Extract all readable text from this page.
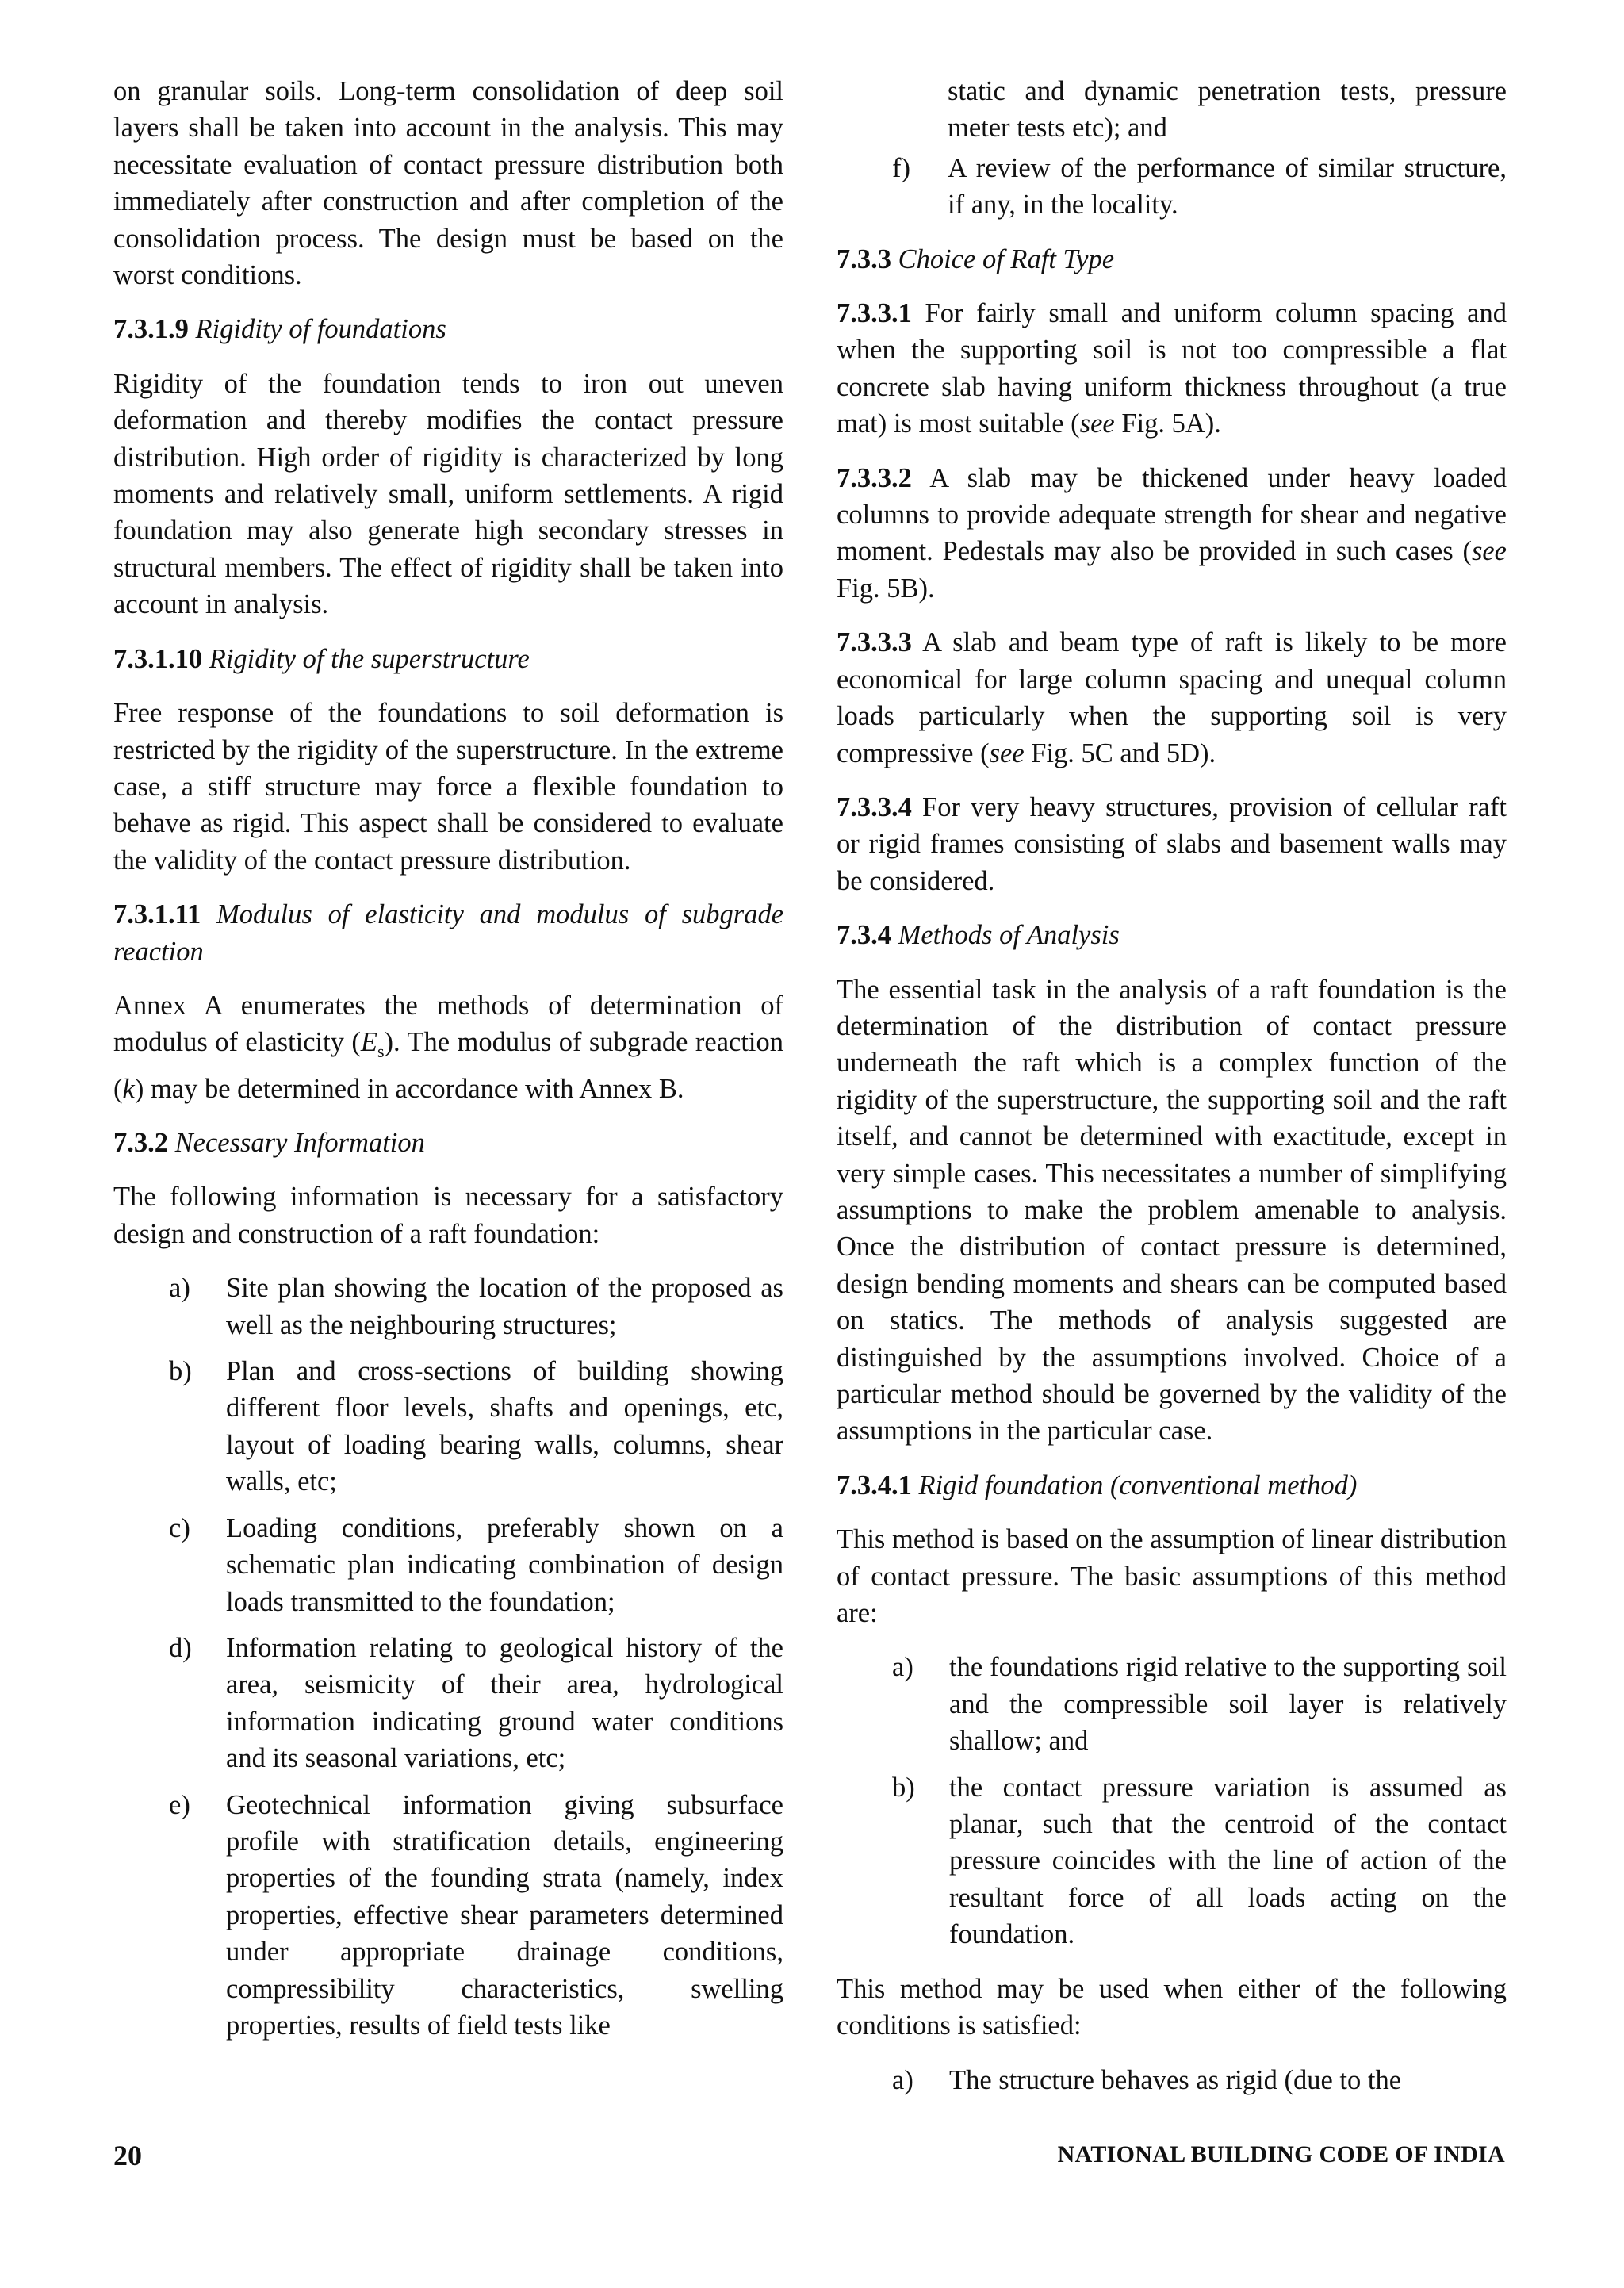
on granular soils. Long-term consolidation of deep soil layers shall be taken into account in the analysis. This may necessitate evaluation of contact pressure distribution both immediately after construction and after completion of the consolidation process. The design must be based on the worst conditions.

7.3.1.9 Rigidity of foundations

Rigidity of the foundation tends to iron out uneven deformation and thereby modifies the contact pressure distribution. High order of rigidity is characterized by long moments and relatively small, uniform settlements. A rigid foundation may also generate high secondary stresses in structural members. The effect of rigidity shall be taken into account in analysis.

7.3.1.10 Rigidity of the superstructure

Free response of the foundations to soil deformation is restricted by the rigidity of the superstructure. In the extreme case, a stiff structure may force a flexible foundation to behave as rigid. This aspect shall be considered to evaluate the validity of the contact pressure distribution.

7.3.1.11 Modulus of elasticity and modulus of subgrade reaction

Annex A enumerates the methods of determination of modulus of elasticity $(E_s)$. The modulus of subgrade reaction (k) may be determined in accordance with Annex B.

7.3.2 Necessary Information

The following information is necessary for a satisfactory design and construction of a raft foundation:

a) Site plan showing the location of the proposed as well as the neighbouring structures;
b) Plan and cross-sections of building showing different floor levels, shafts and openings, etc, layout of loading bearing walls, columns, shear walls, etc;
c) Loading conditions, preferably shown on a schematic plan indicating combination of design loads transmitted to the foundation;
d) Information relating to geological history of the area, seismicity of their area, hydrological information indicating ground water conditions and its seasonal variations, etc;
e) Geotechnical information giving subsurface profile with stratification details, engineering properties of the founding strata (namely, index properties, effective shear parameters determined under appropriate drainage conditions, compressibility characteristics, swelling properties, results of field tests like

static and dynamic penetration tests, pressure meter tests etc); and

f) A review of the performance of similar structure, if any, in the locality.
7.3.3 Choice of Raft Type

7.3.3.1 For fairly small and uniform column spacing and when the supporting soil is not too compressible a flat concrete slab having uniform thickness throughout (a true mat) is most suitable (see Fig. 5A).

7.3.3.2 A slab may be thickened under heavy loaded columns to provide adequate strength for shear and negative moment. Pedestals may also be provided in such cases (see Fig. 5B).

7.3.3.3 A slab and beam type of raft is likely to be more economical for large column spacing and unequal column loads particularly when the supporting soil is very compressive (see Fig. 5C and 5D).

7.3.3.4 For very heavy structures, provision of cellular raft or rigid frames consisting of slabs and basement walls may be considered.

7.3.4 Methods of Analysis

The essential task in the analysis of a raft foundation is the determination of the distribution of contact pressure underneath the raft which is a complex function of the rigidity of the superstructure, the supporting soil and the raft itself, and cannot be determined with exactitude, except in very simple cases. This necessitates a number of simplifying assumptions to make the problem amenable to analysis. Once the distribution of contact pressure is determined, design bending moments and shears can be computed based on statics. The methods of analysis suggested are distinguished by the assumptions involved. Choice of a particular method should be governed by the validity of the assumptions in the particular case.

7.3.4.1 Rigid foundation (conventional method)

This method is based on the assumption of linear distribution of contact pressure. The basic assumptions of this method are:

a) the foundations rigid relative to the supporting soil and the compressible soil layer is relatively shallow; and
b) the contact pressure variation is assumed as planar, such that the centroid of the contact pressure coincides with the line of action of the resultant force of all loads acting on the foundation.

This method may be used when either of the following conditions is satisfied:

a) The structure behaves as rigid (due to the
20	NATIONAL BUILDING CODE OF INDIA
